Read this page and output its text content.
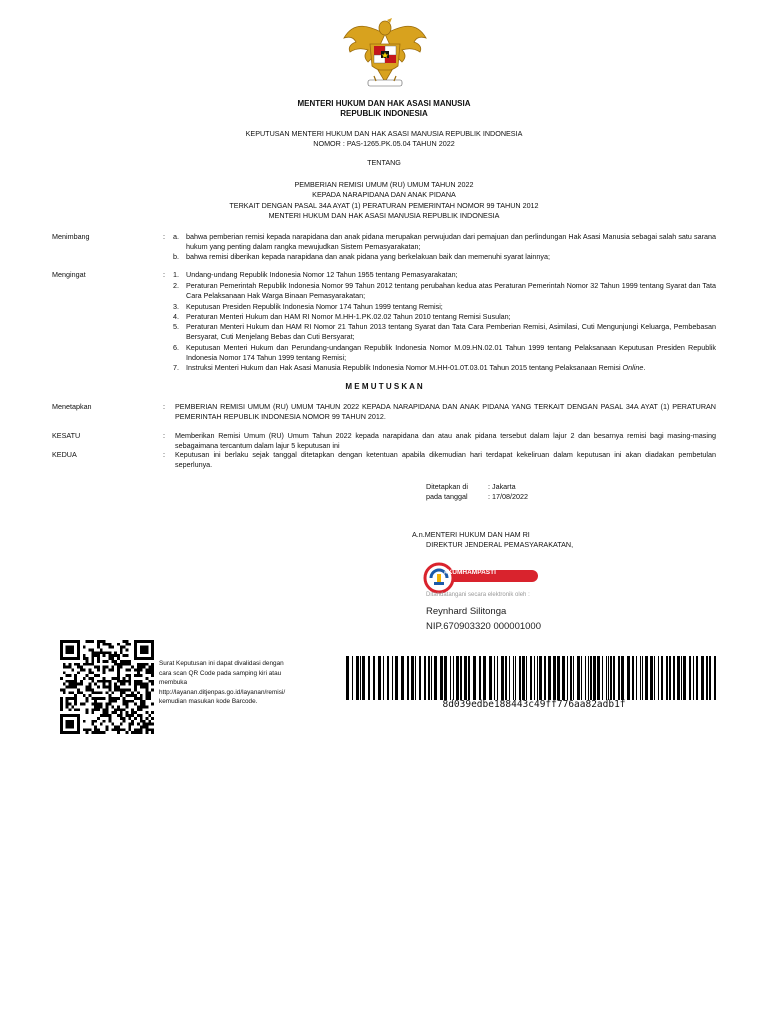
MENTERI HUKUM DAN HAK ASASI MANUSIA
REPUBLIK INDONESIA
KEPUTUSAN MENTERI HUKUM DAN HAK ASASI MANUSIA REPUBLIK INDONESIA
NOMOR : PAS-1265.PK.05.04 TAHUN 2022
TENTANG
PEMBERIAN REMISI UMUM (RU) UMUM TAHUN 2022
KEPADA NARAPIDANA DAN ANAK PIDANA
TERKAIT DENGAN PASAL 34A AYAT (1) PERATURAN PEMERINTAH NOMOR 99 TAHUN 2012
MENTERI HUKUM DAN HAK ASASI MANUSIA REPUBLIK INDONESIA
Menimbang	: a. bahwa pemberian remisi kepada narapidana dan anak pidana merupakan perwujudan dari pemajuan dan perlindungan Hak Asasi Manusia sebagai salah satu sarana hukum yang penting dalam rangka mewujudkan Sistem Pemasyarakatan;
b. bahwa remisi diberikan kepada narapidana dan anak pidana yang berkelakuan baik dan memenuhi syarat lainnya;
Mengingat	: 1. Undang-undang Republik Indonesia Nomor 12 Tahun 1955 tentang Pemasyarakatan;
2. Peraturan Pemerintah Republik Indonesia Nomor 99 Tahun 2012 tentang perubahan kedua atas Peraturan Pemerintah Nomor 32 Tahun 1999 tentang Syarat dan Tata Cara Pelaksanaan Hak Warga Binaan Pemasyarakatan;
3. Keputusan Presiden Republik Indonesia Nomor 174 Tahun 1999 tentang Remisi;
4. Peraturan Menteri Hukum dan HAM RI Nomor M.HH-1.PK.02.02 Tahun 2010 tentang Remisi Susulan;
5. Peraturan Menteri Hukum dan HAM RI Nomor 21 Tahun 2013 tentang Syarat dan Tata Cara Pemberian Remisi, Asimilasi, Cuti Mengunjungi Keluarga, Pembebasan Bersyarat, Cuti Menjelang Bebas dan Cuti Bersyarat;
6. Keputusan Menteri Hukum dan Perundang-undangan Republik Indonesia Nomor M.09.HN.02.01 Tahun 1999 tentang Pelaksanaan Keputusan Presiden Republik Indonesia Nomor 174 Tahun 1999 tentang Remisi;
7. Instruksi Menteri Hukum dan Hak Asasi Manusia Republik Indonesia Nomor M.HH-01.0T.03.01 Tahun 2015 tentang Pelaksanaan Remisi Online.
M E M U T U S K A N
Menetapkan	: PEMBERIAN REMISI UMUM (RU) UMUM TAHUN 2022 KEPADA NARAPIDANA DAN ANAK PIDANA YANG TERKAIT DENGAN PASAL 34A AYAT (1) PERATURAN PEMERINTAH REPUBLIK INDONESIA NOMOR 99 TAHUN 2012.
KESATU	: Memberikan Remisi Umum (RU) Umum Tahun 2022 kepada narapidana dan atau anak pidana tersebut dalam lajur 2 dan besarnya remisi bagi masing-masing sebagaimana tercantum dalam lajur 5 keputusan ini
KEDUA	: Keputusan ini berlaku sejak tanggal ditetapkan dengan ketentuan apabila dikemudian hari terdapat kekeliruan dalam keputusan ini akan diadakan pembetulan seperlunya.
Ditetapkan di	: Jakarta
pada tanggal	: 17/08/2022
A.n.MENTERI HUKUM DAN HAM RI
DIREKTUR JENDERAL PEMASYARAKATAN,
#KUMHAMPASTI
Ditandatangani secara elektronik oleh :
Reynhard Silitonga
NIP.670903320 000001000
Surat Keputusan ini dapat divalidasi dengan
cara scan QR Code pada samping kiri atau
membuka
http://layanan.ditjenpas.go.id/layanan/remisi/
kemudian masukan kode Barcode.	8d039edbe188443c49ff776aa82adb1f
